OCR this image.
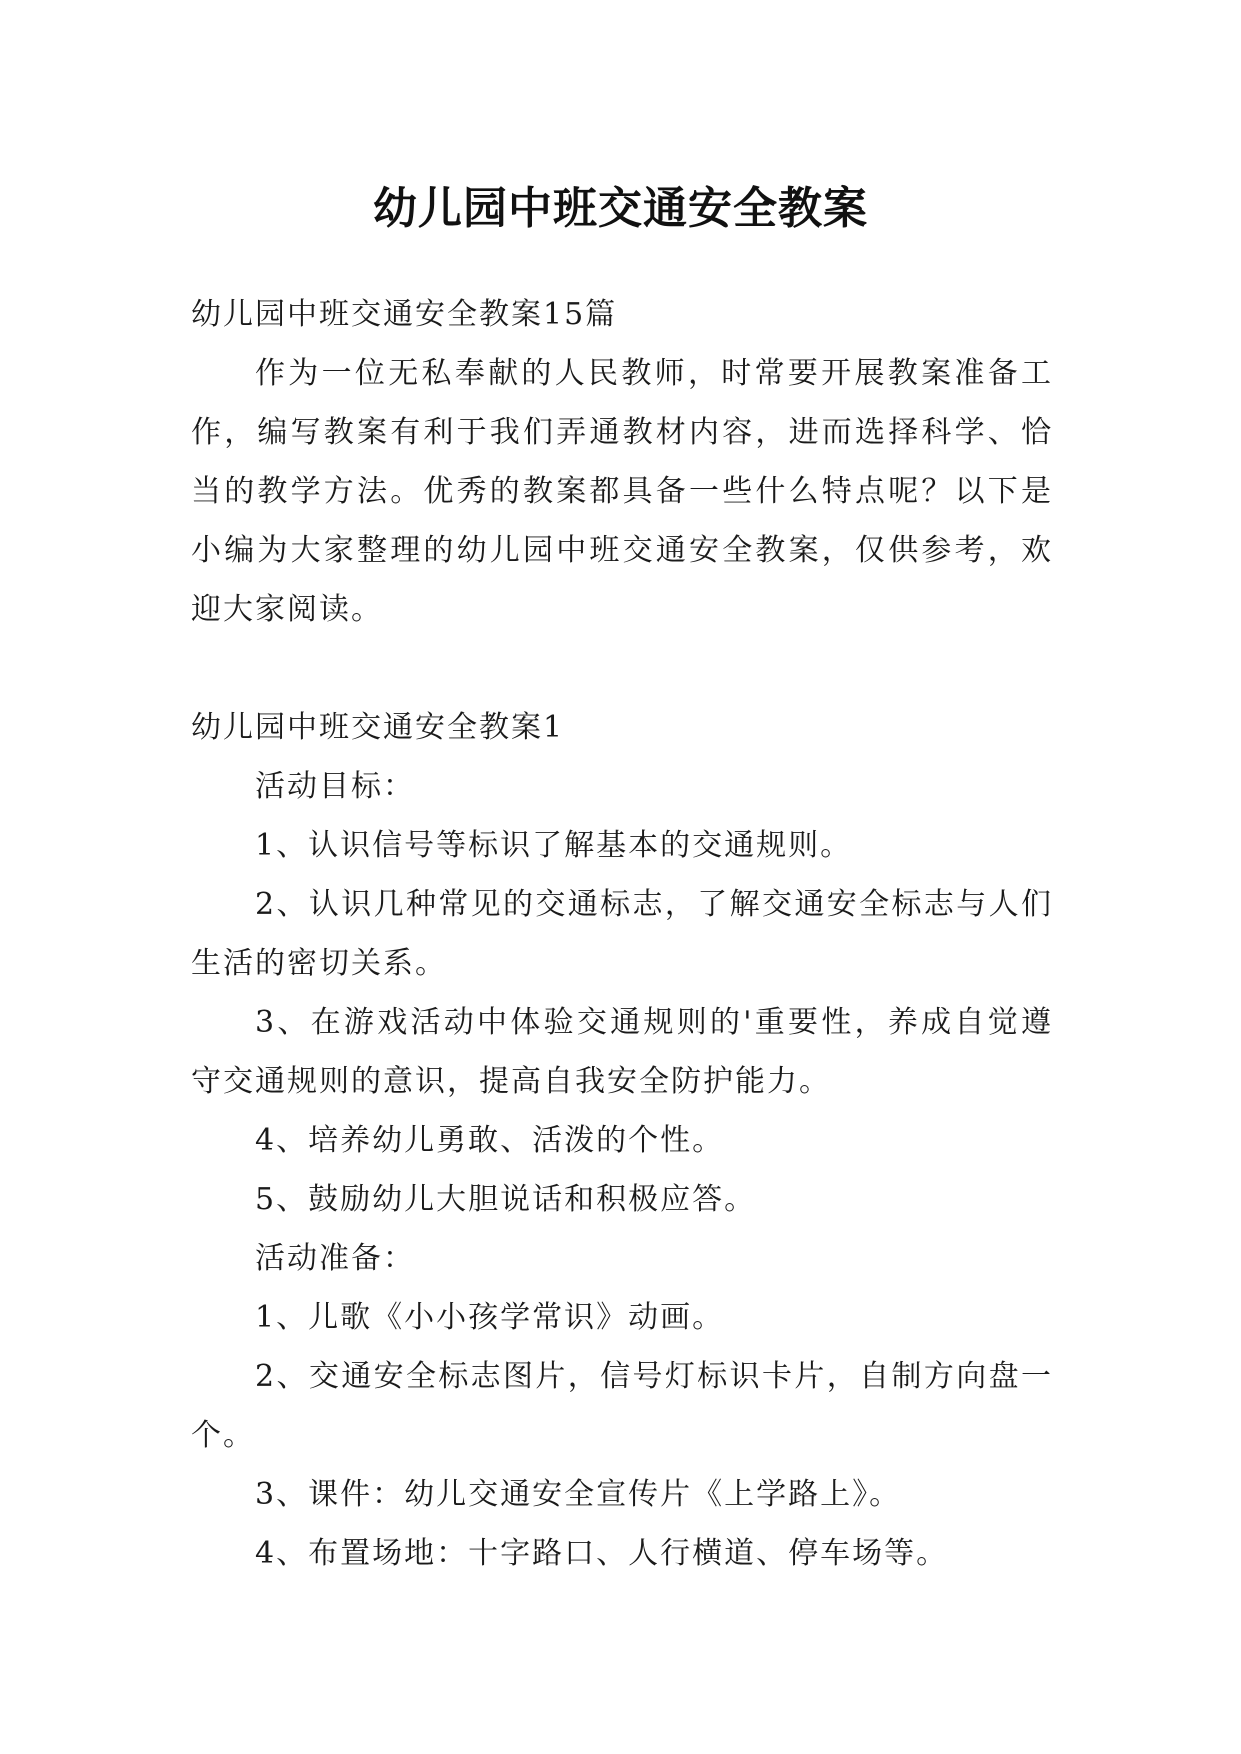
幼儿园中班交通安全教案

幼儿园中班交通安全教案15篇

作为一位无私奉献的人民教师，时常要开展教案准备工作，编写教案有利于我们弄通教材内容，进而选择科学、恰当的教学方法。优秀的教案都具备一些什么特点呢？以下是小编为大家整理的幼儿园中班交通安全教案，仅供参考，欢迎大家阅读。

幼儿园中班交通安全教案1

活动目标：

1、认识信号等标识了解基本的交通规则。

2、认识几种常见的交通标志，了解交通安全标志与人们生活的密切关系。

3、在游戏活动中体验交通规则的'重要性，养成自觉遵守交通规则的意识，提高自我安全防护能力。

4、培养幼儿勇敢、活泼的个性。

5、鼓励幼儿大胆说话和积极应答。

活动准备：

1、儿歌《小小孩学常识》动画。

2、交通安全标志图片，信号灯标识卡片，自制方向盘一个。

3、课件：幼儿交通安全宣传片《上学路上》。

4、布置场地：十字路口、人行横道、停车场等。
